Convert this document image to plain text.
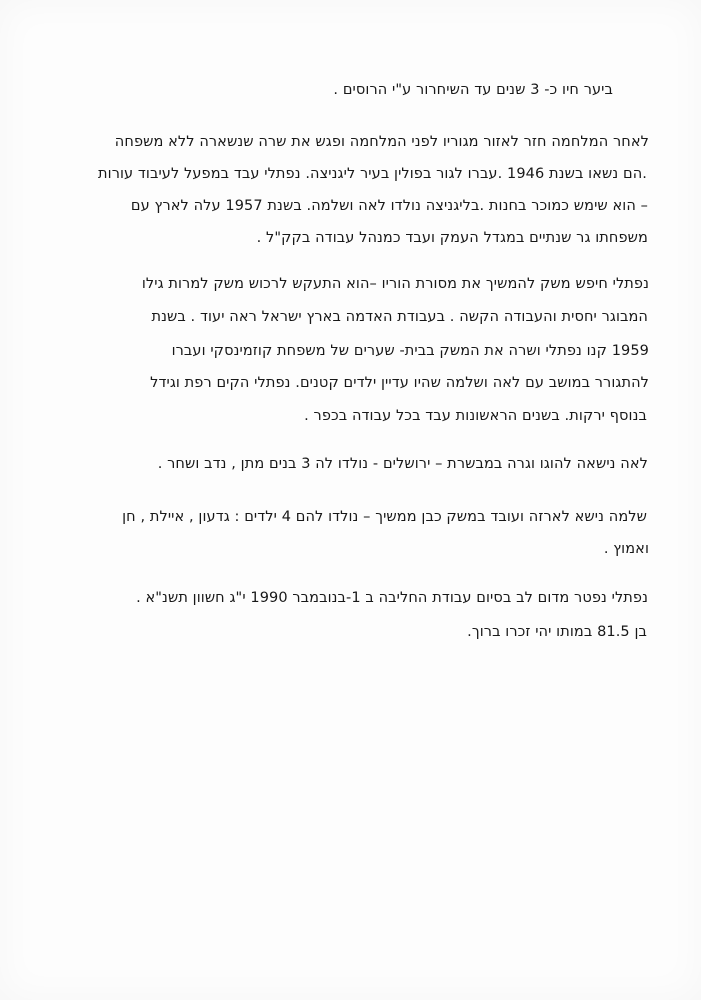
ביער חיו כ- 3 שנים עד השיחרור ע"י הרוסים .
לאחר המלחמה חזר לאזור מגוריו לפני המלחמה ופגש את שרה שנשארה ללא משפחה
.הם נשאו בשנת 1946 .עברו לגור בפולין בעיר ליגניצה. נפתלי עבד במפעל לעיבוד עורות
– הוא שימש כמוכר בחנות .בליגניצה נולדו לאה ושלמה. בשנת 1957 עלה לארץ עם
משפחתו גר שנתיים במגדל העמק ועבד כמנהל עבודה בקק"ל .
נפתלי חיפש משק להמשיך את מסורת הוריו –הוא התעקש לרכוש משק למרות גילו
המבוגר יחסית והעבודה הקשה . בעבודת האדמה בארץ ישראל ראה יעוד . בשנת
1959 קנו נפתלי ושרה את המשק בבית- שערים של משפחת קוזמינסקי ועברו
להתגורר במושב עם לאה ושלמה שהיו עדיין ילדים קטנים. נפתלי הקים רפת וגידל
בנוסף ירקות. בשנים הראשונות עבד בכל עבודה בכפר .
לאה נישאה להוגו וגרה במבשרת – ירושלים - נולדו לה 3 בנים מתן , נדב ושחר .
שלמה נישא לארזה ועובד במשק כבן ממשיך – נולדו להם 4 ילדים : גדעון , איילת , חן
ואמוץ .
נפתלי נפטר מדום לב בסיום עבודת החליבה ב 1-בנובמבר 1990 י"ג חשוון תשנ"א .
בן 81.5 במותו יהי זכרו ברוך.
